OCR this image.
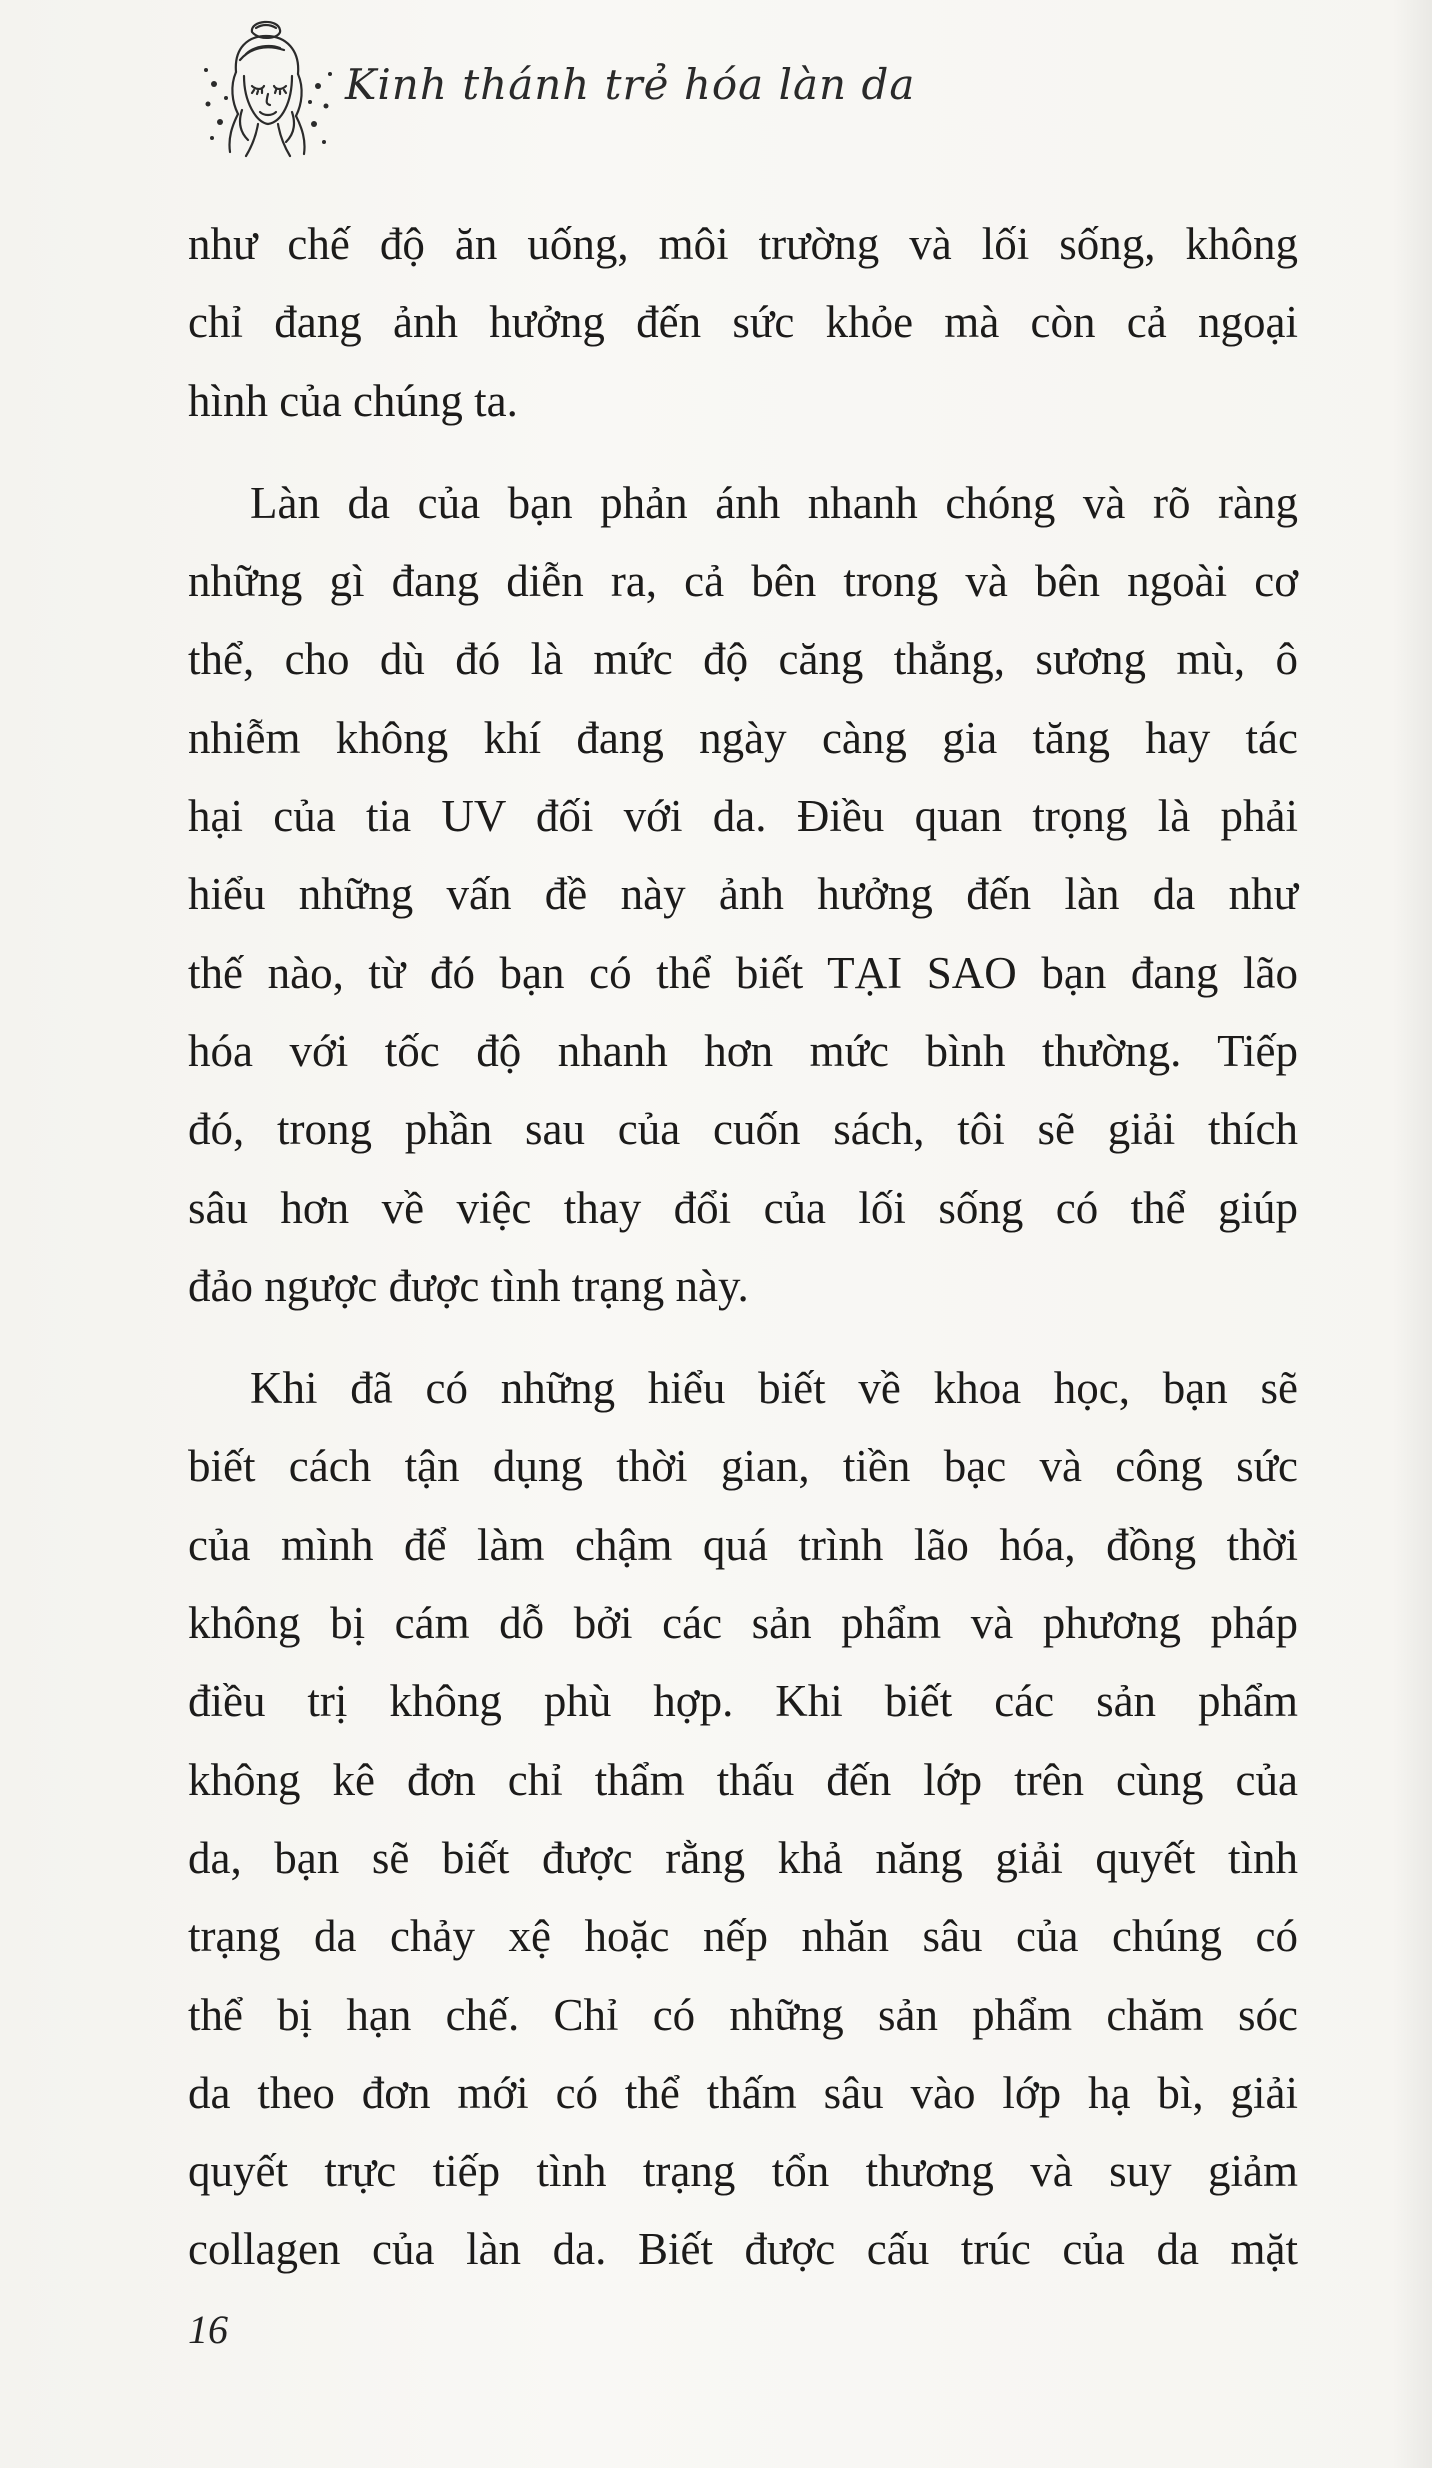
Kinh thánh trẻ hóa làn da

như chế độ ăn uống, môi trường và lối sống, không
chỉ đang ảnh hưởng đến sức khỏe mà còn cả ngoại
hình của chúng ta.

Làn da của bạn phản ánh nhanh chóng và rõ ràng
những gì đang diễn ra, cả bên trong và bên ngoài cơ
thể, cho dù đó là mức độ căng thẳng, sương mù, ô
nhiễm không khí đang ngày càng gia tăng hay tác
hại của tia UV đối với da. Điều quan trọng là phải
hiểu những vấn đề này ảnh hưởng đến làn da như
thế nào, từ đó bạn có thể biết TẠI SAO bạn đang lão
hóa với tốc độ nhanh hơn mức bình thường. Tiếp
đó, trong phần sau của cuốn sách, tôi sẽ giải thích
sâu hơn về việc thay đổi của lối sống có thể giúp
đảo ngược được tình trạng này.

Khi đã có những hiểu biết về khoa học, bạn sẽ
biết cách tận dụng thời gian, tiền bạc và công sức
của mình để làm chậm quá trình lão hóa, đồng thời
không bị cám dỗ bởi các sản phẩm và phương pháp
điều trị không phù hợp. Khi biết các sản phẩm
không kê đơn chỉ thẩm thấu đến lớp trên cùng của
da, bạn sẽ biết được rằng khả năng giải quyết tình
trạng da chảy xệ hoặc nếp nhăn sâu của chúng có
thể bị hạn chế. Chỉ có những sản phẩm chăm sóc
da theo đơn mới có thể thấm sâu vào lớp hạ bì, giải
quyết trực tiếp tình trạng tổn thương và suy giảm
collagen của làn da. Biết được cấu trúc của da mặt

16
